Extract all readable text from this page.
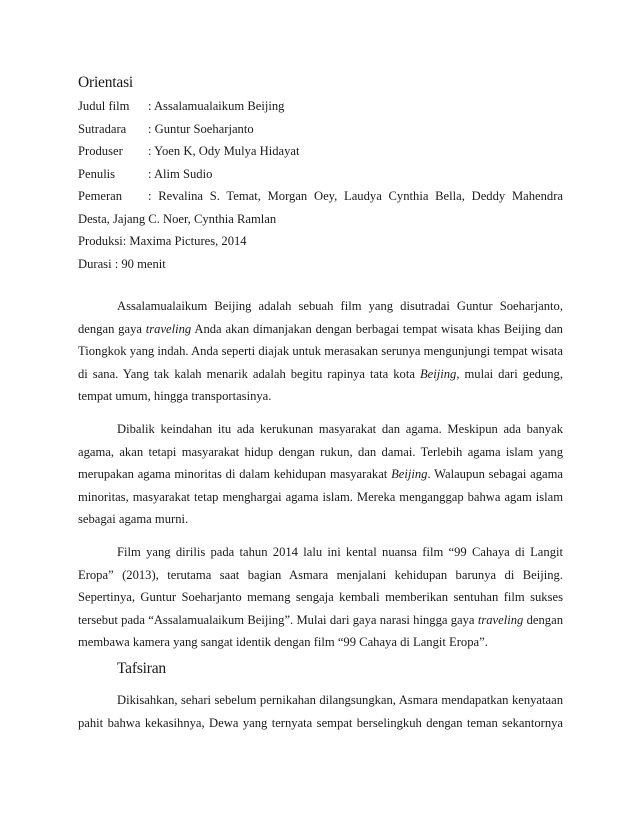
Orientasi
Judul film : Assalamualaikum Beijing
Sutradara : Guntur Soeharjanto
Produser : Yoen K, Ody Mulya Hidayat
Penulis	: Alim Sudio
Pemeran : Revalina S. Temat, Morgan Oey, Laudya Cynthia Bella, Deddy Mahendra
Desta, Jajang C. Noer, Cynthia Ramlan
Produksi: Maxima Pictures, 2014
Durasi : 90 menit
Assalamualaikum Beijing adalah sebuah film yang disutradai Guntur Soeharjanto,
dengan gaya traveling Anda akan dimanjakan dengan berbagai tempat wisata khas Beijing dan
Tiongkok yang indah. Anda seperti diajak untuk merasakan serunya mengunjungi tempat wisata
di sana. Yang tak kalah menarik adalah begitu rapinya tata kota Beijing, mulai dari gedung,
tempat umum, hingga transportasinya.
Dibalik keindahan itu ada kerukunan masyarakat dan agama. Meskipun ada banyak
agama, akan tetapi masyarakat hidup dengan rukun, dan damai. Terlebih agama islam yang
merupakan agama minoritas di dalam kehidupan masyarakat Beijing. Walaupun sebagai agama
minoritas, masyarakat tetap menghargai agama islam. Mereka menganggap bahwa agam islam
sebagai agama murni.
Film yang dirilis pada tahun 2014 lalu ini kental nuansa film “99 Cahaya di Langit
Eropa” (2013), terutama saat bagian Asmara menjalani kehidupan barunya di Beijing.
Sepertinya, Guntur Soeharjanto memang sengaja kembali memberikan sentuhan film sukses
tersebut pada “Assalamualaikum Beijing”. Mulai dari gaya narasi hingga gaya traveling dengan
membawa kamera yang sangat identik dengan film “99 Cahaya di Langit Eropa”.
Tafsiran
Dikisahkan, sehari sebelum pernikahan dilangsungkan, Asmara mendapatkan kenyataan
pahit bahwa kekasihnya, Dewa yang ternyata sempat berselingkuh dengan teman sekantornya
